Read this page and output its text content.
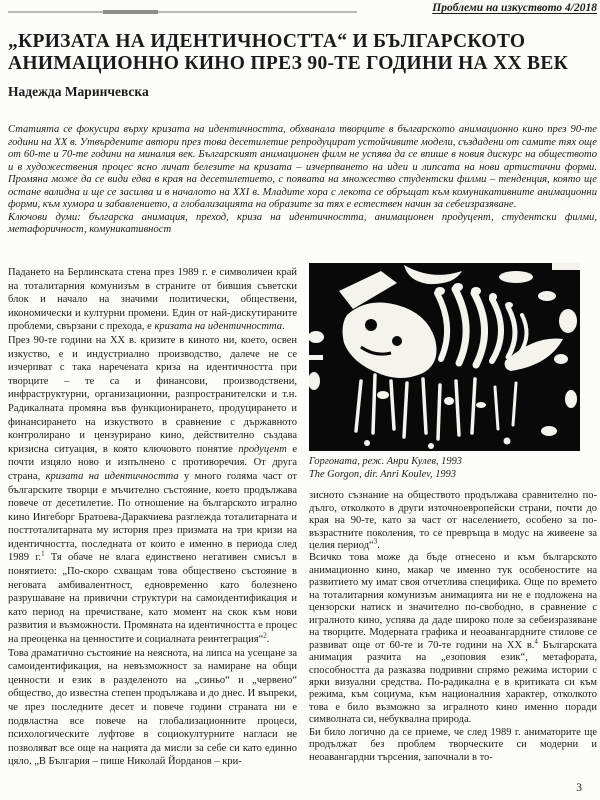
Проблеми на изкуството 4/2018
„КРИЗАТА НА ИДЕНТИЧНОСТТА“ И БЪЛГАРСКОТО
АНИМАЦИОННО КИНО ПРЕЗ 90-ТЕ ГОДИНИ НА XX ВЕК
Надежда Маринчевска

Статията се фокусира върху кризата на идентичността, обхванала творците в българското анимационно кино през 90-те години на XX в. Утвърдените автори през това десетилетие репродуцират устойчивите модели, създадени от самите тях още от 60-те и 70-те години на миналия век. Българският анимационен филм не успява да се впише в новия дискурс на обществото и в художествения процес ясно личат белезите на кризата – изчерпването на идеи и липсата на нови артистични форми. Промяна може да се види едва в края на десетилетието, с появата на множество студентски филми – тенденция, която ще остане валидна и ще се засилва и в началото на XXI в. Младите хора с лекота се обръщат към комуникативните анимационни форми, към хумора и забавлението, а глобализацията на образите за тях е естествен начин за себеизразяване.

Ключови думи: българска анимация, преход, криза на идентичността, анимационен продуцент, студентски филми, метафоричност, комуникативност

Падането на Берлинската стена през 1989 г. е символичен край на тоталитарния комунизъм в страните от бившия съветски блок и начало на значими политически, обществени, икономически и културни промени. Един от най-дискутираните проблеми, свързани с прехода, е кризата на идентичността.

През 90-те години на XX в. кризите в киното ни, което, освен изкуство, е и индустриално производство, далече не се изчерпват с така наречената криза на идентичността при творците – те са и финансови, производствени, инфраструктурни, организационни, разпространителски и т.н. Радикалната промяна във функционирането, продуцирането и финансирането на изкуството в сравнение с държавното контролирано и цензурирано кино, действително създава кризисна ситуация, в която ключовото понятие продуцент е почти изцяло ново и изпълнено с противоречия. От друга страна, кризата на идентичността у много голяма част от българските творци е мъчително състояние, което продължава повече от десетилетие. По отношение на българското игрално кино Ингеборг Братоева-Даракчиева разглежда тоталитарната и посттоталитарната му история през призмата на три кризи на идентичността, последната от които е именно в периода след 1989 г.$^1$ Тя обаче не влага единствено негативен смисъл в понятието: „По-скоро схващам това обществено състояние в неговата амбивалентност, едновременно като болезнено разрушаване на привични структури на самоидентификация и като период на пречистване, като момент на скок към нови развития и възможности. Промяната на идентичността е процес на преоценка на ценностите и социалната реинтеграция“$^2$.

Това драматично състояние на неяснота, на липса на усещане за самоидентификация, на невъзможност за намиране на общи ценности и език в разделеното на „синьо“ и „червено“ общество, до известна степен продължава и до днес. И въпреки, че през последните десет и повече години страната ни е подвластна все повече на глобализационните процеси, психологическите луфтове в социокултурните нагласи не позволяват все още на нацията да мисли за себе си като единно цяло. „В България – пише Николай Йорданов – кри-

Горгоната, реж. Анри Кулев, 1993
The Gorgon, dir. Anri Koulev, 1993

зисното съзнание на обществото продължава сравнително по-дълго, отколкото в други източноевропейски страни, почти до края на 90-те, като за част от населението, особено за по-възрастните поколения, то се превръща в модус на живеене за целия период“$^3$.

Всичко това може да бъде отнесено и към българското анимационно кино, макар че именно тук особеностите на развитието му имат своя отчетлива специфика. Още по времето на тоталитарния комунизъм анимацията ни не е подложена на цензорски натиск и значително по-свободно, в сравнение с игралното кино, успява да даде широко поле за себеизразяване на творците. Модерната графика и неоавангардните стилове се развиват още от 60-те и 70-те години на XX в.$^4$ Българската анимация разчита на „езоповия език“, метафората, способността да разказва подривни спрямо режима истории с ярки визуални средства. По-радикална е в критиката си към режима, към социума, към националния характер, отколкото това е било възможно за игралното кино именно поради символната си, небуквална природа.

Би било логично да се приеме, че след 1989 г. аниматорите ще продължат без проблем творческите си модерни и неоавангардни търсения, започнали в то-

3
